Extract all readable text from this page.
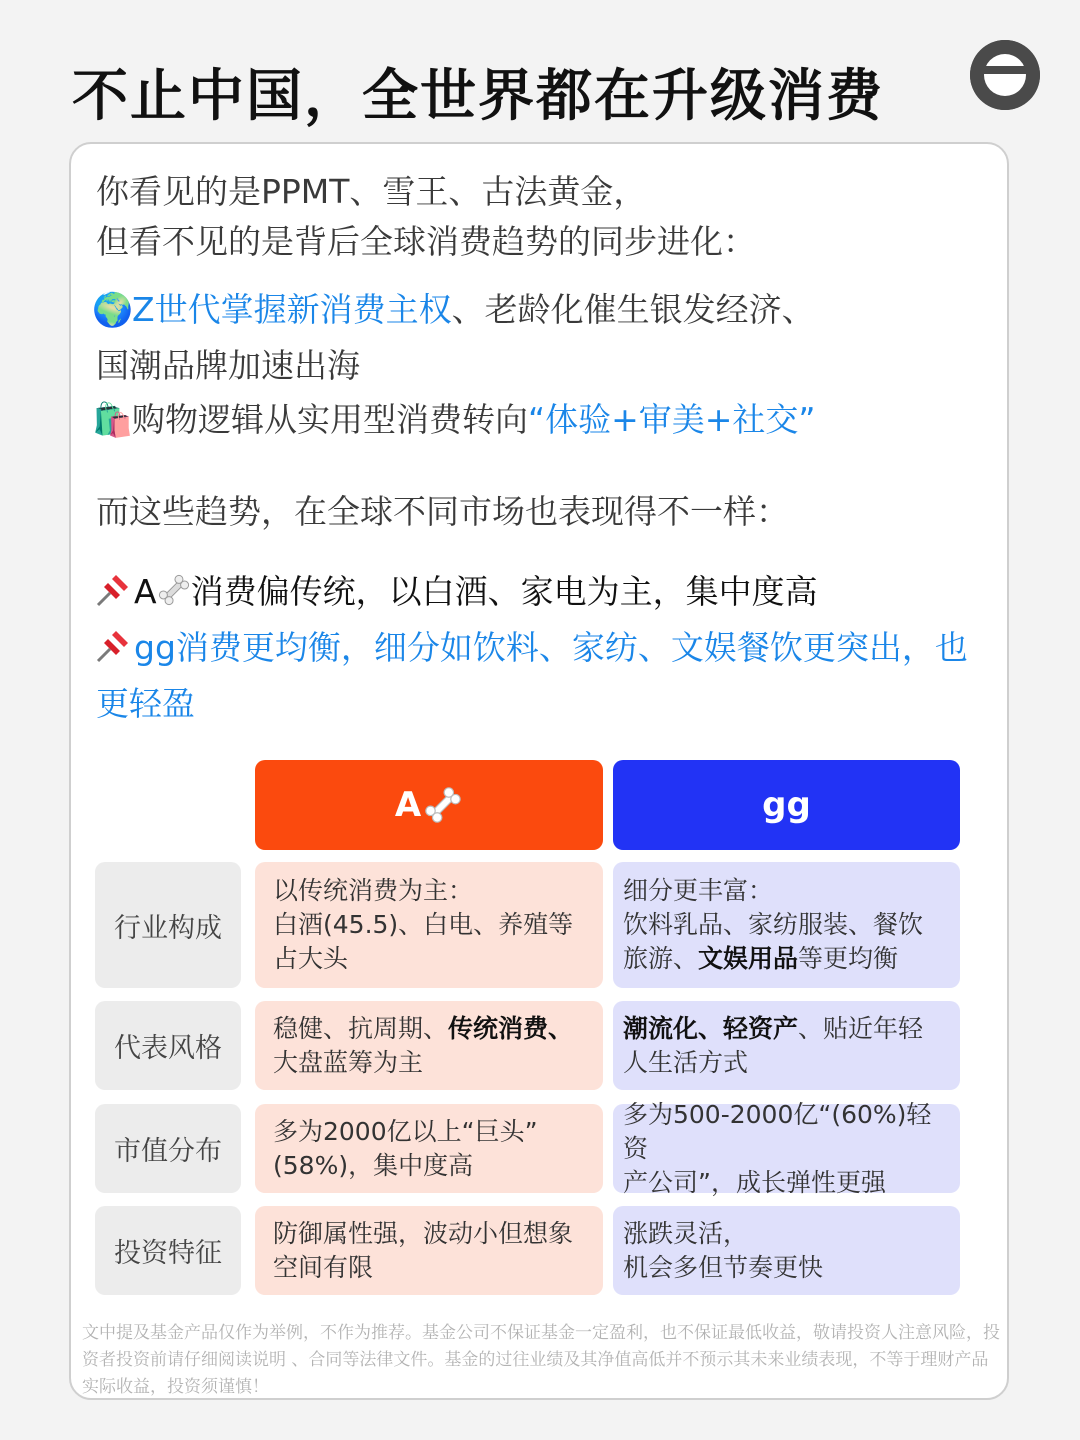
不止中国，全世界都在升级消费
你看见的是PPMT、雪王、古法黄金，
但看不见的是背后全球消费趋势的同步进化：
🌍Z世代掌握新消费主权、老龄化催生银发经济、
国潮品牌加速出海
🛍️购物逻辑从实用型消费转向“体验+审美+社交”
而这些趋势，在全球不同市场也表现得不一样：
A 消费偏传统，以白酒、家电为主，集中度高
gg消费更均衡，细分如饮料、家纺、文娱餐饮更突出，也
更轻盈
A	gg
行业构成
以传统消费为主：
白酒(45.5)、白电、养殖等
占大头
细分更丰富：
饮料乳品、家纺服装、餐饮
旅游、文娱用品等更均衡
代表风格
稳健、抗周期、传统消费、
大盘蓝筹为主
潮流化、轻资产、贴近年轻
人生活方式
市值分布
多为2000亿以上“巨头”
(58%)，集中度高
多为500-2000亿“(60%)轻资
产公司”，成长弹性更强
投资特征
防御属性强，波动小但想象
空间有限
涨跌灵活，
机会多但节奏更快
文中提及基金产品仅作为举例，不作为推荐。基金公司不保证基金一定盈利，也不保证最低收益，敬请投资人注意风险，投资者投资前请仔细阅读说明 、合同等法律文件。基金的过往业绩及其净值高低并不预示其未来业绩表现，不等于理财产品实际收益，投资须谨慎！
